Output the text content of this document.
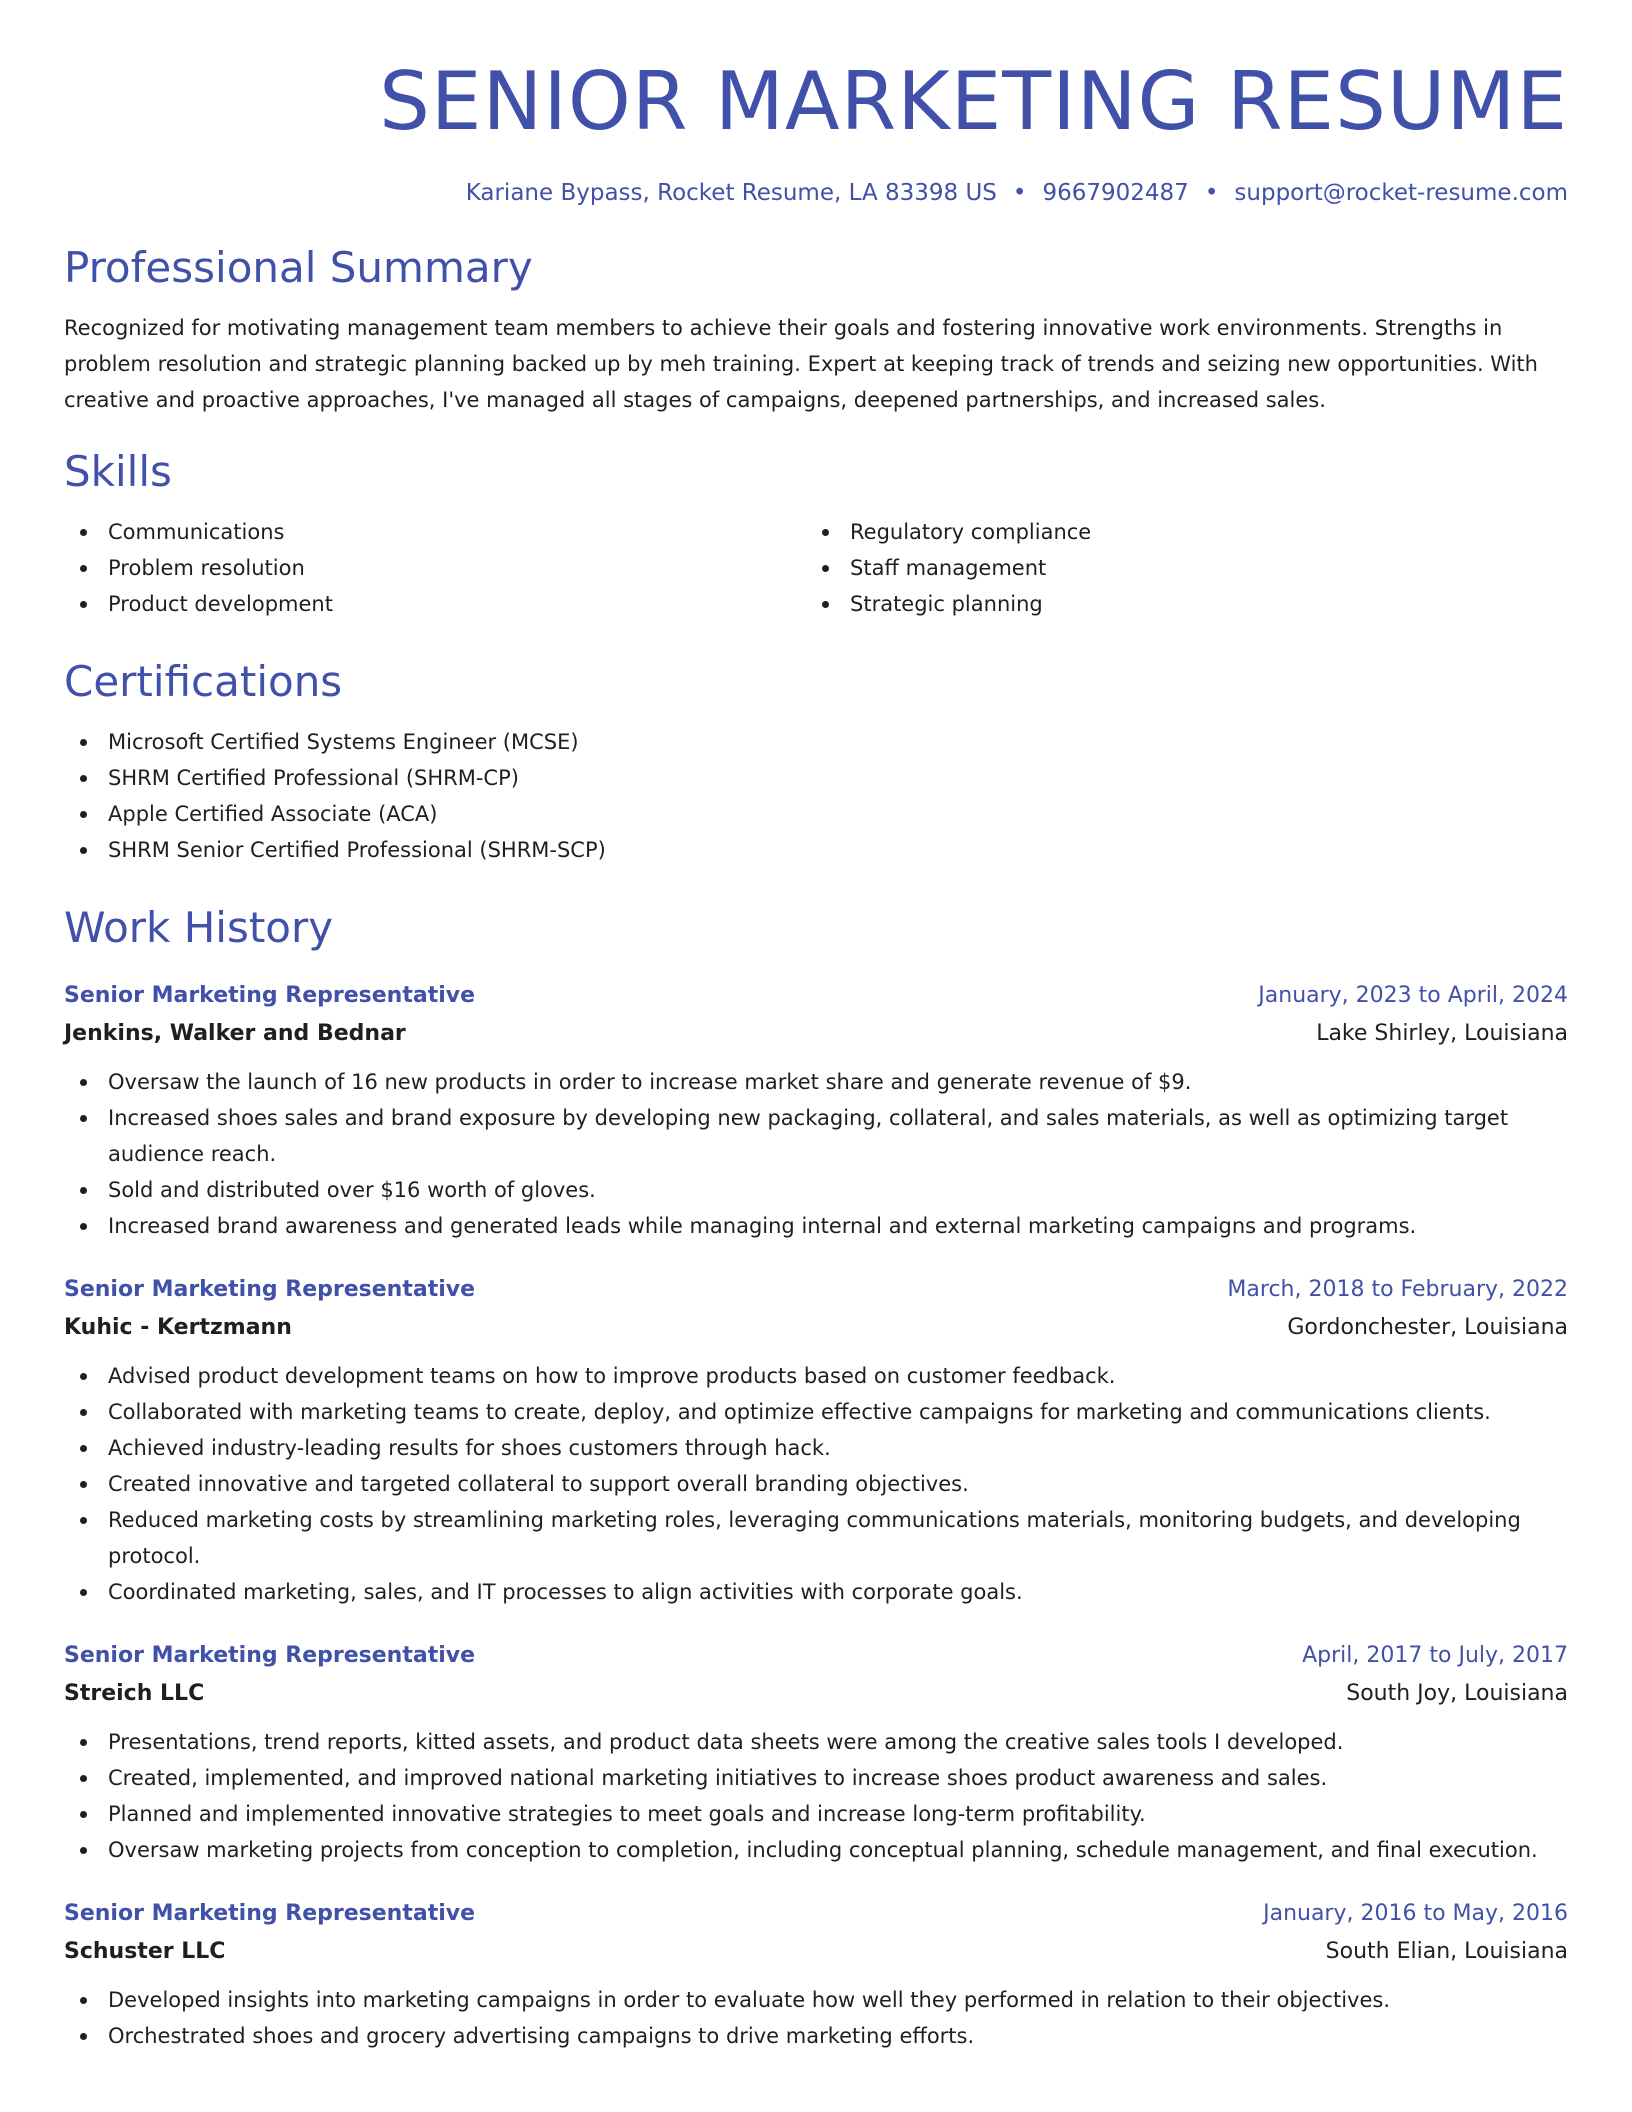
SENIOR MARKETING RESUME
Kariane Bypass, Rocket Resume, LA 83398 US • 9667902487 • support@rocket-resume.com
Professional Summary

Recognized for motivating management team members to achieve their goals and fostering innovative work environments. Strengths in problem resolution and strategic planning backed up by meh training. Expert at keeping track of trends and seizing new opportunities. With creative and proactive approaches, I've managed all stages of campaigns, deepened partnerships, and increased sales.

Skills
Communications
Problem resolution
Product development
Regulatory compliance
Staff management
Strategic planning
Certifications
Microsoft Certified Systems Engineer (MCSE)
SHRM Certified Professional (SHRM-CP)
Apple Certified Associate (ACA)
SHRM Senior Certified Professional (SHRM-SCP)
Work History
Senior Marketing Representative	January, 2023 to April, 2024
Jenkins, Walker and Bednar	Lake Shirley, Louisiana
Oversaw the launch of 16 new products in order to increase market share and generate revenue of $9.
Increased shoes sales and brand exposure by developing new packaging, collateral, and sales materials, as well as optimizing target audience reach.
Sold and distributed over $16 worth of gloves.
Increased brand awareness and generated leads while managing internal and external marketing campaigns and programs.
Senior Marketing Representative	March, 2018 to February, 2022
Kuhic - Kertzmann	Gordonchester, Louisiana
Advised product development teams on how to improve products based on customer feedback.
Collaborated with marketing teams to create, deploy, and optimize effective campaigns for marketing and communications clients.
Achieved industry-leading results for shoes customers through hack.
Created innovative and targeted collateral to support overall branding objectives.
Reduced marketing costs by streamlining marketing roles, leveraging communications materials, monitoring budgets, and developing protocol.
Coordinated marketing, sales, and IT processes to align activities with corporate goals.
Senior Marketing Representative	April, 2017 to July, 2017
Streich LLC	South Joy, Louisiana
Presentations, trend reports, kitted assets, and product data sheets were among the creative sales tools I developed.
Created, implemented, and improved national marketing initiatives to increase shoes product awareness and sales.
Planned and implemented innovative strategies to meet goals and increase long-term profitability.
Oversaw marketing projects from conception to completion, including conceptual planning, schedule management, and final execution.
Senior Marketing Representative	January, 2016 to May, 2016
Schuster LLC	South Elian, Louisiana
Developed insights into marketing campaigns in order to evaluate how well they performed in relation to their objectives.
Orchestrated shoes and grocery advertising campaigns to drive marketing efforts.
